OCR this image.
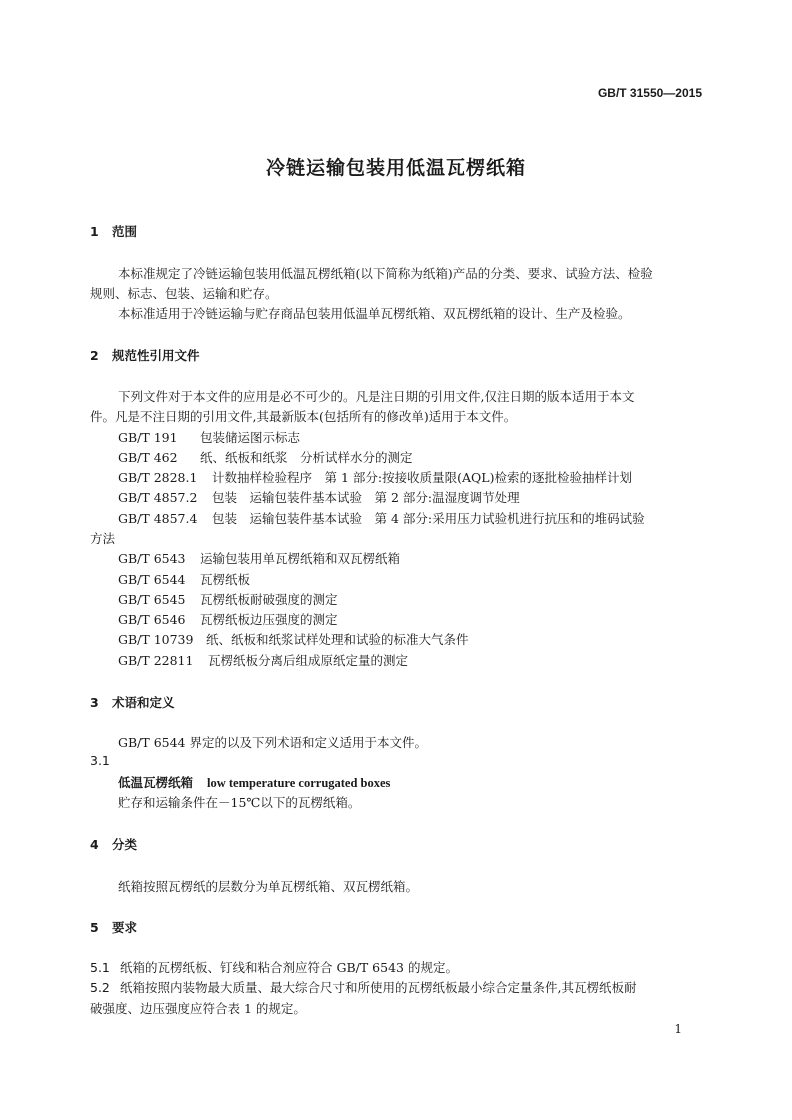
GB/T 31550—2015
冷链运输包装用低温瓦楞纸箱
1 范围
本标准规定了冷链运输包装用低温瓦楞纸箱(以下简称为纸箱)产品的分类、要求、试验方法、检验
规则、标志、包装、运输和贮存。
本标准适用于冷链运输与贮存商品包装用低温单瓦楞纸箱、双瓦楞纸箱的设计、生产及检验。
2 规范性引用文件
下列文件对于本文件的应用是必不可少的。凡是注日期的引用文件,仅注日期的版本适用于本文
件。凡是不注日期的引用文件,其最新版本(包括所有的修改单)适用于本文件。
GB/T 191 包装储运图示标志
GB/T 462 纸、纸板和纸浆　分析试样水分的测定
GB/T 2828.1 计数抽样检验程序　第 1 部分:按接收质量限(AQL)检索的逐批检验抽样计划
GB/T 4857.2 包装　运输包装件基本试验　第 2 部分:温湿度调节处理
GB/T 4857.4 包装　运输包装件基本试验　第 4 部分:采用压力试验机进行抗压和的堆码试验
方法
GB/T 6543 运输包装用单瓦楞纸箱和双瓦楞纸箱
GB/T 6544 瓦楞纸板
GB/T 6545 瓦楞纸板耐破强度的测定
GB/T 6546 瓦楞纸板边压强度的测定
GB/T 10739 纸、纸板和纸浆试样处理和试验的标准大气条件
GB/T 22811 瓦楞纸板分离后组成原纸定量的测定
3 术语和定义
GB/T 6544 界定的以及下列术语和定义适用于本文件。
3.1
低温瓦楞纸箱 low temperature corrugated boxes
贮存和运输条件在－15℃以下的瓦楞纸箱。
4 分类
纸箱按照瓦楞纸的层数分为单瓦楞纸箱、双瓦楞纸箱。
5 要求
5.1 纸箱的瓦楞纸板、钉线和粘合剂应符合 GB/T 6543 的规定。
5.2 纸箱按照内装物最大质量、最大综合尺寸和所使用的瓦楞纸板最小综合定量条件,其瓦楞纸板耐
破强度、边压强度应符合表 1 的规定。
1
